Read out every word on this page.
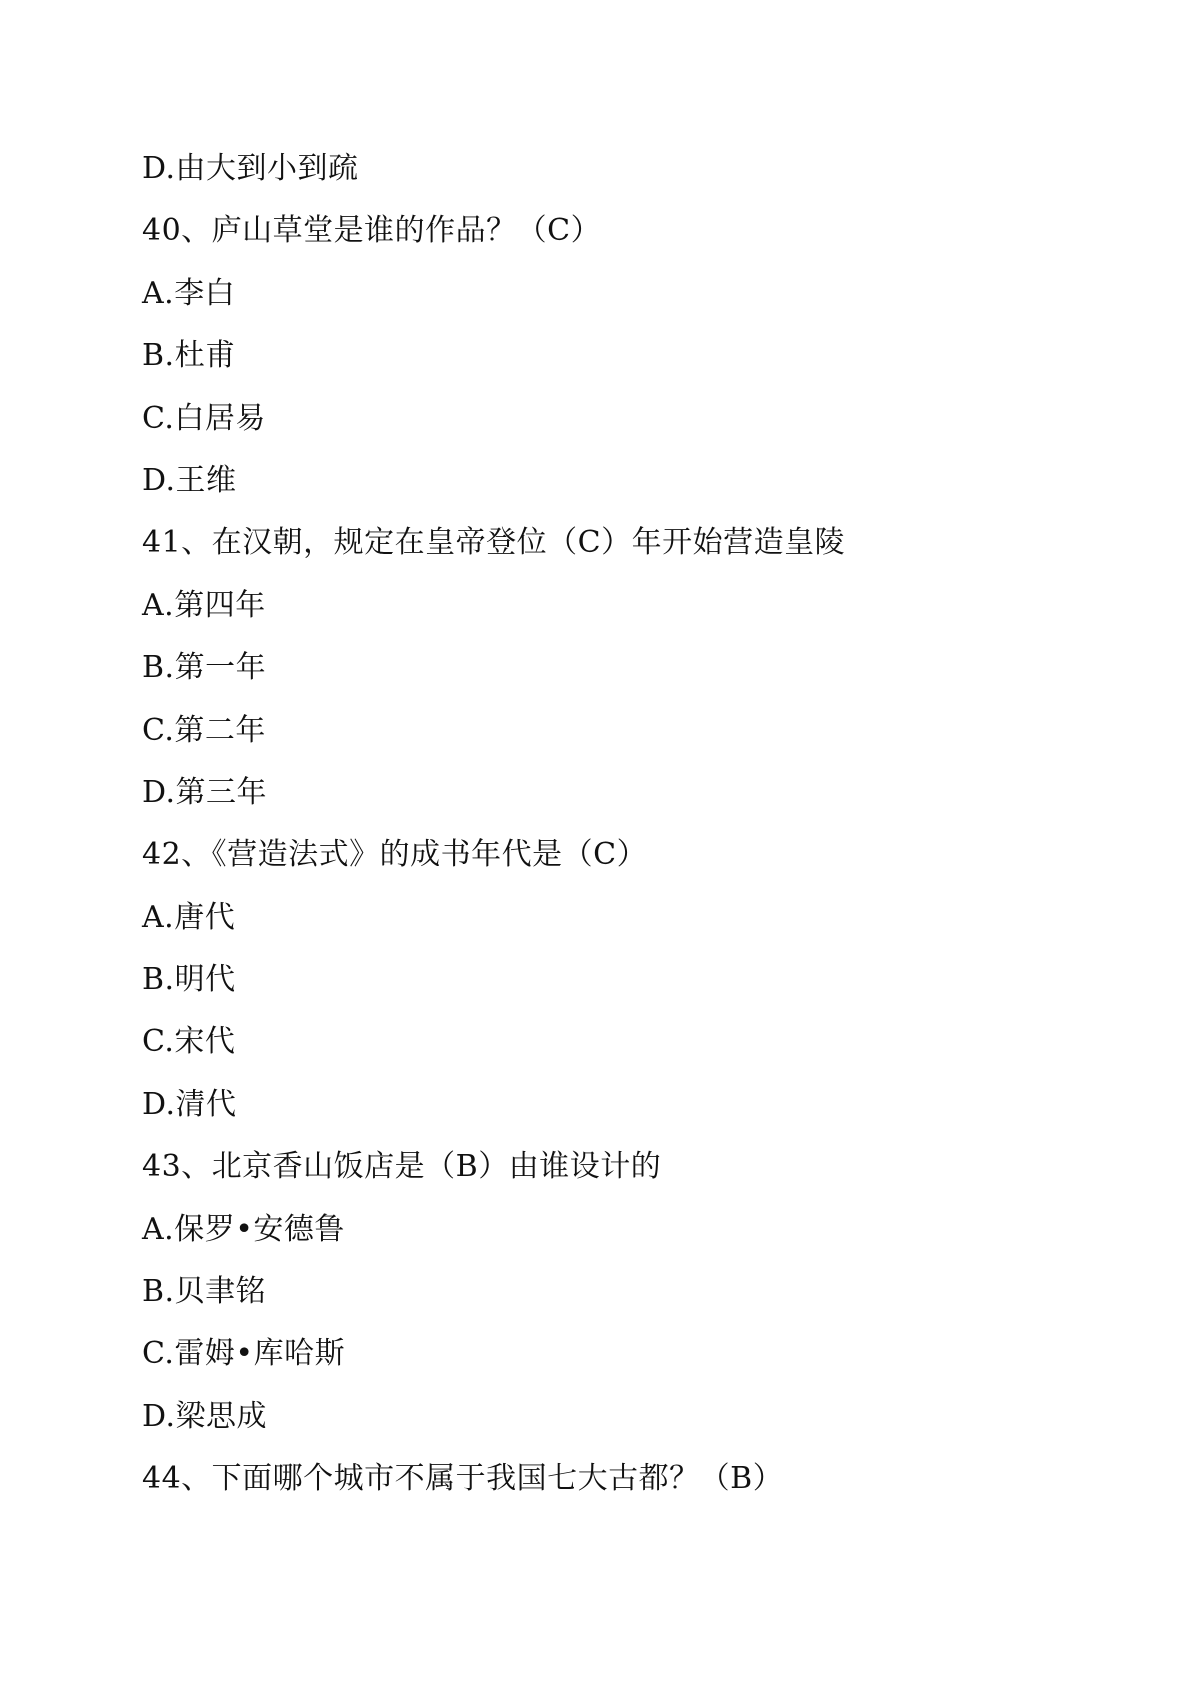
D.由大到小到疏
40、庐山草堂是谁的作品？（C）
A.李白
B.杜甫
C.白居易
D.王维
41、在汉朝，规定在皇帝登位（C）年开始营造皇陵
A.第四年
B.第一年
C.第二年
D.第三年
42、《营造法式》的成书年代是（C）
A.唐代
B.明代
C.宋代
D.清代
43、北京香山饭店是（B）由谁设计的
A.保罗•安德鲁
B.贝聿铭
C.雷姆•库哈斯
D.梁思成
44、下面哪个城市不属于我国七大古都？（B）
